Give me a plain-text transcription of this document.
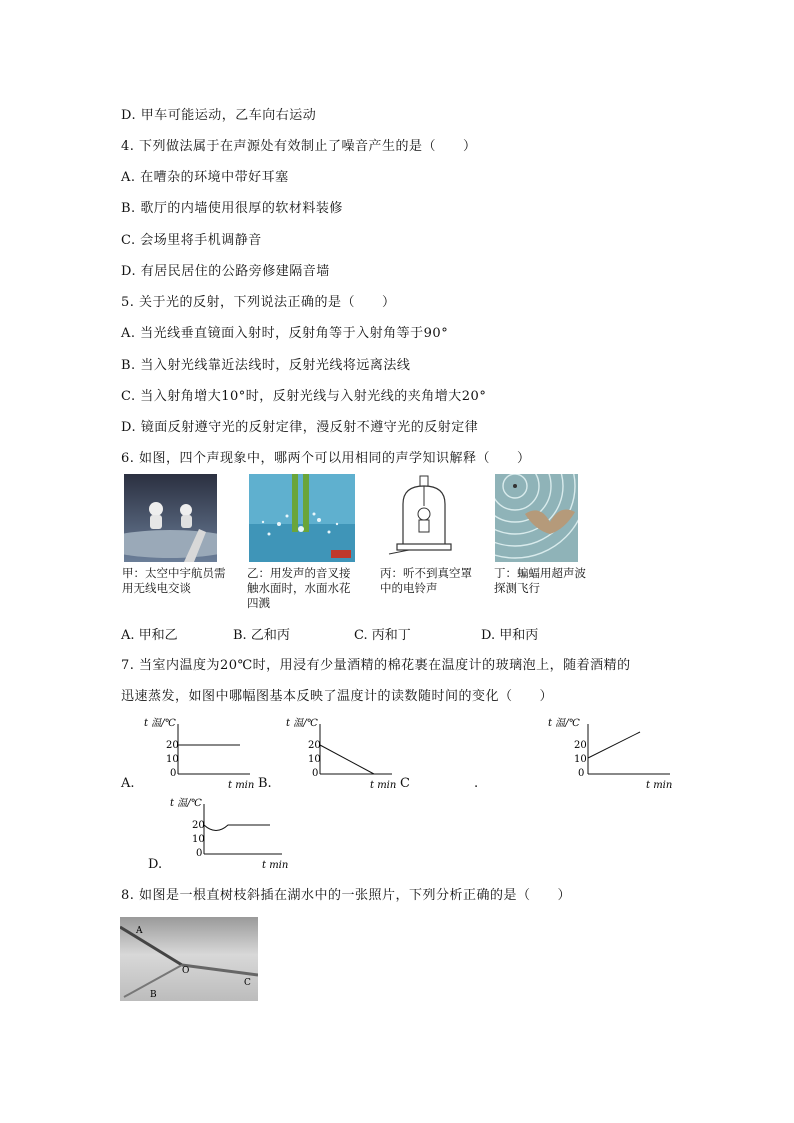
D. 甲车可能运动，乙车向右运动
4. 下列做法属于在声源处有效制止了噪音产生的是（　　）
A. 在嘈杂的环境中带好耳塞
B. 歌厅的内墙使用很厚的软材料装修
C. 会场里将手机调静音
D. 有居民居住的公路旁修建隔音墙
5. 关于光的反射，下列说法正确的是（　　）
A. 当光线垂直镜面入射时，反射角等于入射角等于90°
B. 当入射光线靠近法线时，反射光线将远离法线
C. 当入射角增大10°时，反射光线与入射光线的夹角增大20°
D. 镜面反射遵守光的反射定律，漫反射不遵守光的反射定律
6. 如图，四个声现象中，哪两个可以用相同的声学知识解释（　　）
甲：太空中宇航员需用无线电交谈
乙：用发声的音叉接触水面时，水面水花四溅
丙：听不到真空罩中的电铃声
丁：蝙蝠用超声波探测飞行
A. 甲和乙	B. 乙和丙	C. 丙和丁	D. 甲和丙
7. 当室内温度为20℃时，用浸有少量酒精的棉花裹在温度计的玻璃泡上，随着酒精的
迅速蒸发，如图中哪幅图基本反映了温度计的读数随时间的变化（　　）
t 温/℃
20
10
0
t min
A.	B.
t 温/℃
20
10
0
t min C	.
t 温/℃
20
10
0
t min
t 温/℃
20
10
0
t min
D.
8. 如图是一根直树枝斜插在湖水中的一张照片，下列分析正确的是（　　）
A
O
B
C
